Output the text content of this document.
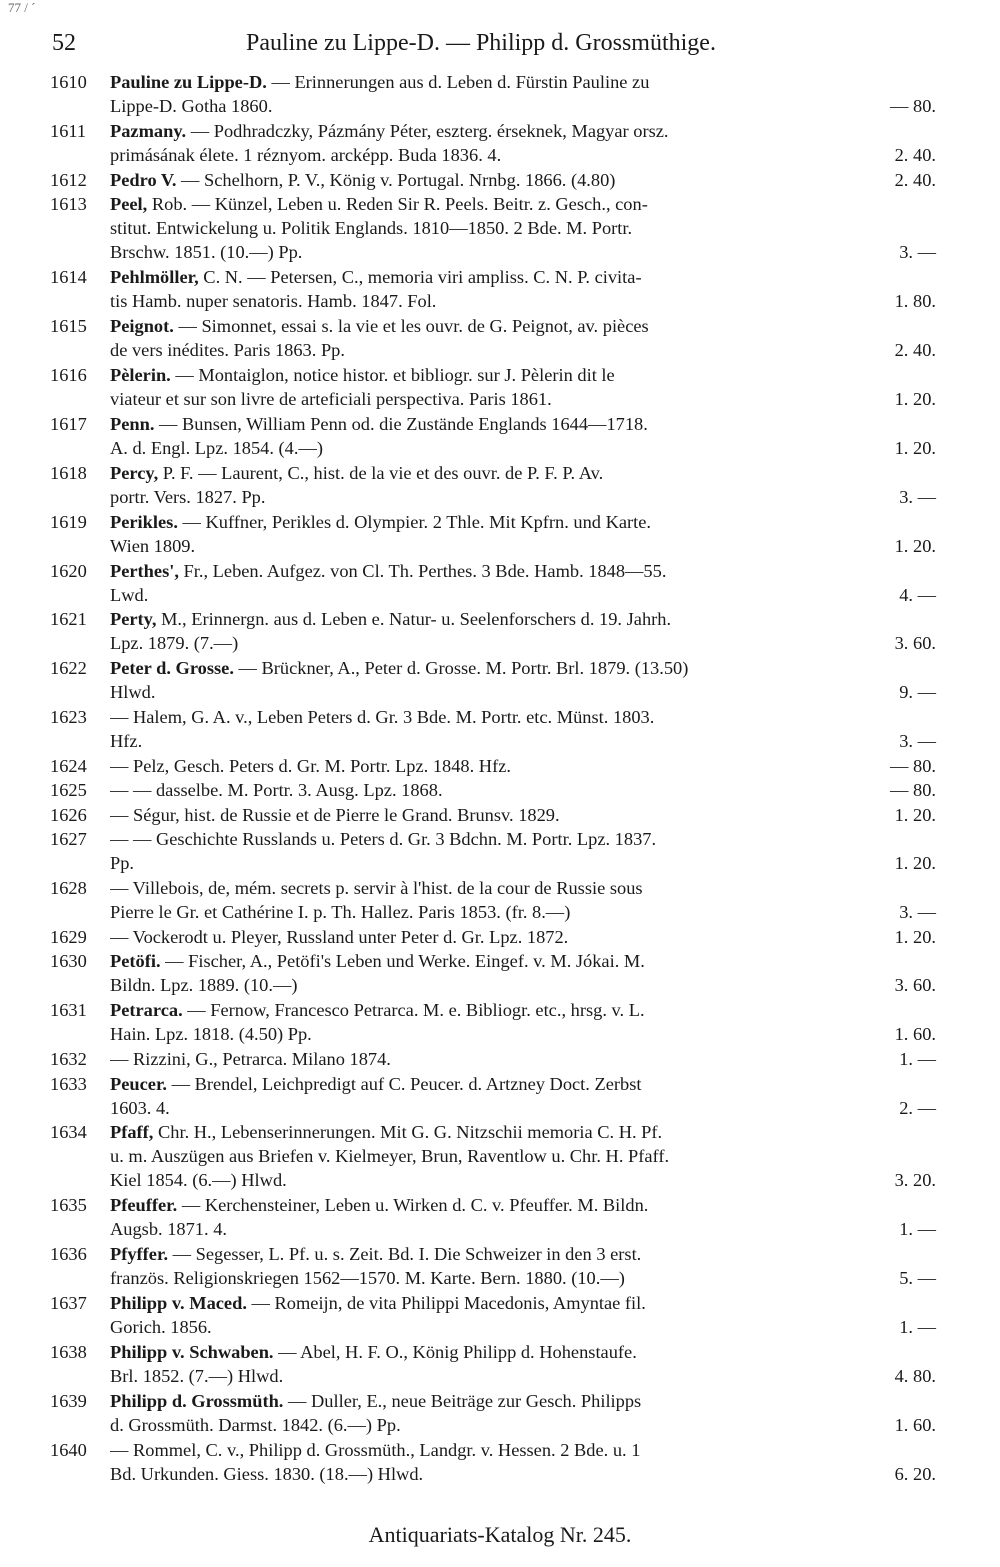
77 / ˊ
52	Pauline zu Lippe-D. — Philipp d. Grossmüthige.
1610	Pauline zu Lippe-D. — Erinnerungen aus d. Leben d. Fürstin Pauline zu
Lippe-D. Gotha 1860.	— 80.
1611	Pazmany. — Podhradczky, Pázmány Péter, eszterg. érseknek, Magyar orsz.
primásának élete. 1 réznyom. arcképp. Buda 1836. 4.	2. 40.
1612	Pedro V. — Schelhorn, P. V., König v. Portugal. Nrnbg. 1866. (4.80)	2. 40.
1613	Peel, Rob. — Künzel, Leben u. Reden Sir R. Peels. Beitr. z. Gesch., con-
stitut. Entwickelung u. Politik Englands. 1810—1850. 2 Bde. M. Portr.
Brschw. 1851. (10.—) Pp.	3. —
1614	Pehlmöller, C. N. — Petersen, C., memoria viri ampliss. C. N. P. civita-
tis Hamb. nuper senatoris. Hamb. 1847. Fol.	1. 80.
1615	Peignot. — Simonnet, essai s. la vie et les ouvr. de G. Peignot, av. pièces
de vers inédites. Paris 1863. Pp.	2. 40.
1616	Pèlerin. — Montaiglon, notice histor. et bibliogr. sur J. Pèlerin dit le
viateur et sur son livre de arteficiali perspectiva. Paris 1861.	1. 20.
1617	Penn. — Bunsen, William Penn od. die Zustände Englands 1644—1718.
A. d. Engl. Lpz. 1854. (4.—)	1. 20.
1618	Percy, P. F. — Laurent, C., hist. de la vie et des ouvr. de P. F. P. Av.
portr. Vers. 1827. Pp.	3. —
1619	Perikles. — Kuffner, Perikles d. Olympier. 2 Thle. Mit Kpfrn. und Karte.
Wien 1809.	1. 20.
1620	Perthes', Fr., Leben. Aufgez. von Cl. Th. Perthes. 3 Bde. Hamb. 1848—55.
Lwd.	4. —
1621	Perty, M., Erinnergn. aus d. Leben e. Natur- u. Seelenforschers d. 19. Jahrh.
Lpz. 1879. (7.—)	3. 60.
1622	Peter d. Grosse. — Brückner, A., Peter d. Grosse. M. Portr. Brl. 1879. (13.50)
Hlwd.	9. —
1623	— Halem, G. A. v., Leben Peters d. Gr. 3 Bde. M. Portr. etc. Münst. 1803.
Hfz.	3. —
1624	— Pelz, Gesch. Peters d. Gr. M. Portr. Lpz. 1848. Hfz.	— 80.
1625	— — dasselbe. M. Portr. 3. Ausg. Lpz. 1868.	— 80.
1626	— Ségur, hist. de Russie et de Pierre le Grand. Brunsv. 1829.	1. 20.
1627	— — Geschichte Russlands u. Peters d. Gr. 3 Bdchn. M. Portr. Lpz. 1837.
Pp.	1. 20.
1628	— Villebois, de, mém. secrets p. servir à l'hist. de la cour de Russie sous
Pierre le Gr. et Cathérine I. p. Th. Hallez. Paris 1853. (fr. 8.—)	3. —
1629	— Vockerodt u. Pleyer, Russland unter Peter d. Gr. Lpz. 1872.	1. 20.
1630	Petöfi. — Fischer, A., Petöfi's Leben und Werke. Eingef. v. M. Jókai. M.
Bildn. Lpz. 1889. (10.—)	3. 60.
1631	Petrarca. — Fernow, Francesco Petrarca. M. e. Bibliogr. etc., hrsg. v. L.
Hain. Lpz. 1818. (4.50) Pp.	1. 60.
1632	— Rizzini, G., Petrarca. Milano 1874.	1. —
1633	Peucer. — Brendel, Leichpredigt auf C. Peucer. d. Artzney Doct. Zerbst
1603. 4.	2. —
1634	Pfaff, Chr. H., Lebenserinnerungen. Mit G. G. Nitzschii memoria C. H. Pf.
u. m. Auszügen aus Briefen v. Kielmeyer, Brun, Raventlow u. Chr. H. Pfaff.
Kiel 1854. (6.—) Hlwd.	3. 20.
1635	Pfeuffer. — Kerchensteiner, Leben u. Wirken d. C. v. Pfeuffer. M. Bildn.
Augsb. 1871. 4.	1. —
1636	Pfyffer. — Segesser, L. Pf. u. s. Zeit. Bd. I. Die Schweizer in den 3 erst.
französ. Religionskriegen 1562—1570. M. Karte. Bern. 1880. (10.—)	5. —
1637	Philipp v. Maced. — Romeijn, de vita Philippi Macedonis, Amyntae fil.
Gorich. 1856.	1. —
1638	Philipp v. Schwaben. — Abel, H. F. O., König Philipp d. Hohenstaufe.
Brl. 1852. (7.—) Hlwd.	4. 80.
1639	Philipp d. Grossmüth. — Duller, E., neue Beiträge zur Gesch. Philipps
d. Grossmüth. Darmst. 1842. (6.—) Pp.	1. 60.
1640	— Rommel, C. v., Philipp d. Grossmüth., Landgr. v. Hessen. 2 Bde. u. 1
Bd. Urkunden. Giess. 1830. (18.—) Hlwd.	6. 20.
Antiquariats-Katalog Nr. 245.
